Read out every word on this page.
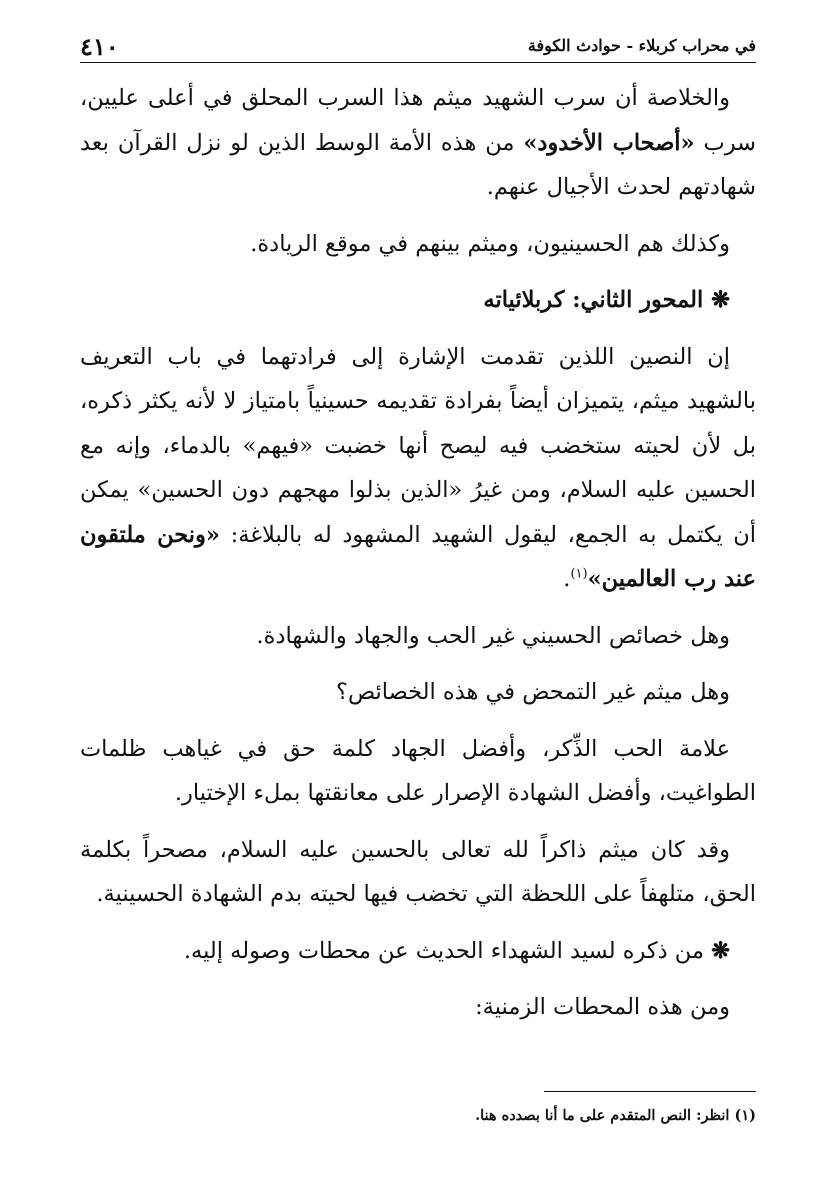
في محراب كربلاء - حوادث الكوفة
٤١٠

والخلاصة أن سرب الشهيد ميثم هذا السرب المحلق في أعلى عليين، سرب «أصحاب الأخدود» من هذه الأمة الوسط الذين لو نزل القرآن بعد شهادتهم لحدث الأجيال عنهم.

وكذلك هم الحسينيون، وميثم بينهم في موقع الريادة.

❋ المحور الثاني: كربلائياته

إن النصين اللذين تقدمت الإشارة إلى فرادتهما في باب التعريف بالشهيد ميثم، يتميزان أيضاً بفرادة تقديمه حسينياً بامتياز لا لأنه يكثر ذكره، بل لأن لحيته ستخضب فيه ليصح أنها خضبت «فيهم» بالدماء، وإنه مع الحسين عليه السلام، ومن غيرُ «الذين بذلوا مهجهم دون الحسين» يمكن أن يكتمل به الجمع، ليقول الشهيد المشهود له بالبلاغة: «ونحن ملتقون عند رب العالمين»$^{(١)}$.

وهل خصائص الحسيني غير الحب والجهاد والشهادة.

وهل ميثم غير التمحض في هذه الخصائص؟

علامة الحب الذِّكر، وأفضل الجهاد كلمة حق في غياهب ظلمات الطواغيت، وأفضل الشهادة الإصرار على معانقتها بملء الإختيار.

وقد كان ميثم ذاكراً لله تعالى بالحسين عليه السلام، مصحراً بكلمة الحق، متلهفاً على اللحظة التي تخضب فيها لحيته بدم الشهادة الحسينية.

❋ من ذكره لسيد الشهداء الحديث عن محطات وصوله إليه.

ومن هذه المحطات الزمنية:

(١) انظر: النص المتقدم على ما أنا بصدده هنا.
